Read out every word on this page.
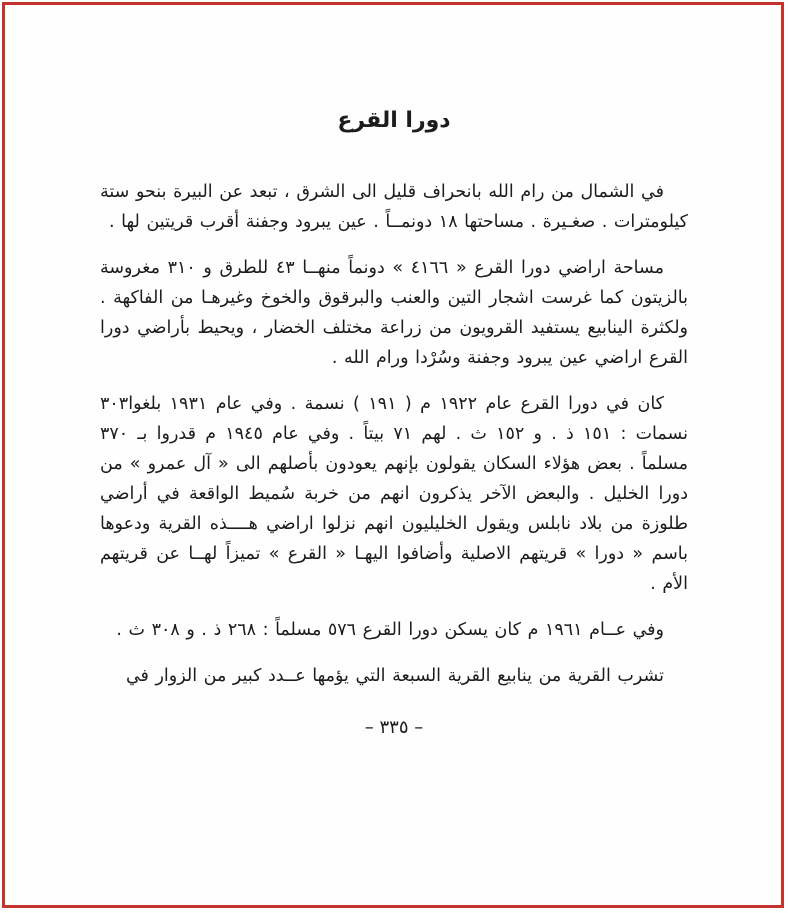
دورا القرع

في الشمال من رام الله بانحراف قليل الى الشرق ، تبعد عن البيرة بنحو ستة كيلومترات . صغـيرة . مساحتها ١٨ دونمــاً . عين يبرود وجفنة أقرب قريتين لها .

مساحة اراضي دورا القرع « ٤١٦٦ » دونماً منهــا ٤٣ للطرق و ٣١٠ مغروسة بالزيتون كما غرست اشجار التين والعنب والبرقوق والخوخ وغيرهـا من الفاكهة . ولكثرة الينابيع يستفيد القرويون من زراعة مختلف الخضار ، ويحيط بأراضي دورا القرع اراضي عين يبرود وجفنة وسُرْدا ورام الله .

كان في دورا القرع عام ١٩٢٢ م ( ١٩١ ) نسمة . وفي عام ١٩٣١ بلغوا٣٠٣ نسمات : ١٥١ ذ . و ١٥٢ ث . لهم ٧١ بيتاً . وفي عام ١٩٤٥ م قدروا بـ ٣٧٠ مسلماً . بعض هؤلاء السكان يقولون بإنهم يعودون بأصلهم الى « آل عمرو » من دورا الخليل . والبعض الآخر يذكرون انهم من خربة سُميط الواقعة في أراضي طلوزة من بلاد نابلس ويقول الخليليون انهم نزلوا اراضي هــــذه القرية ودعوها باسم « دورا » قريتهم الاصلية وأضافوا اليهـا « القرع » تميزاً لهــا عن قريتهم الأم .

وفي عــام ١٩٦١ م كان يسكن دورا القرع ٥٧٦ مسلماً : ٢٦٨ ذ . و ٣٠٨ ث .

تشرب القرية من ينابيع القرية السبعة التي يؤمها عــدد كبير من الزوار في

– ٣٣٥ –
